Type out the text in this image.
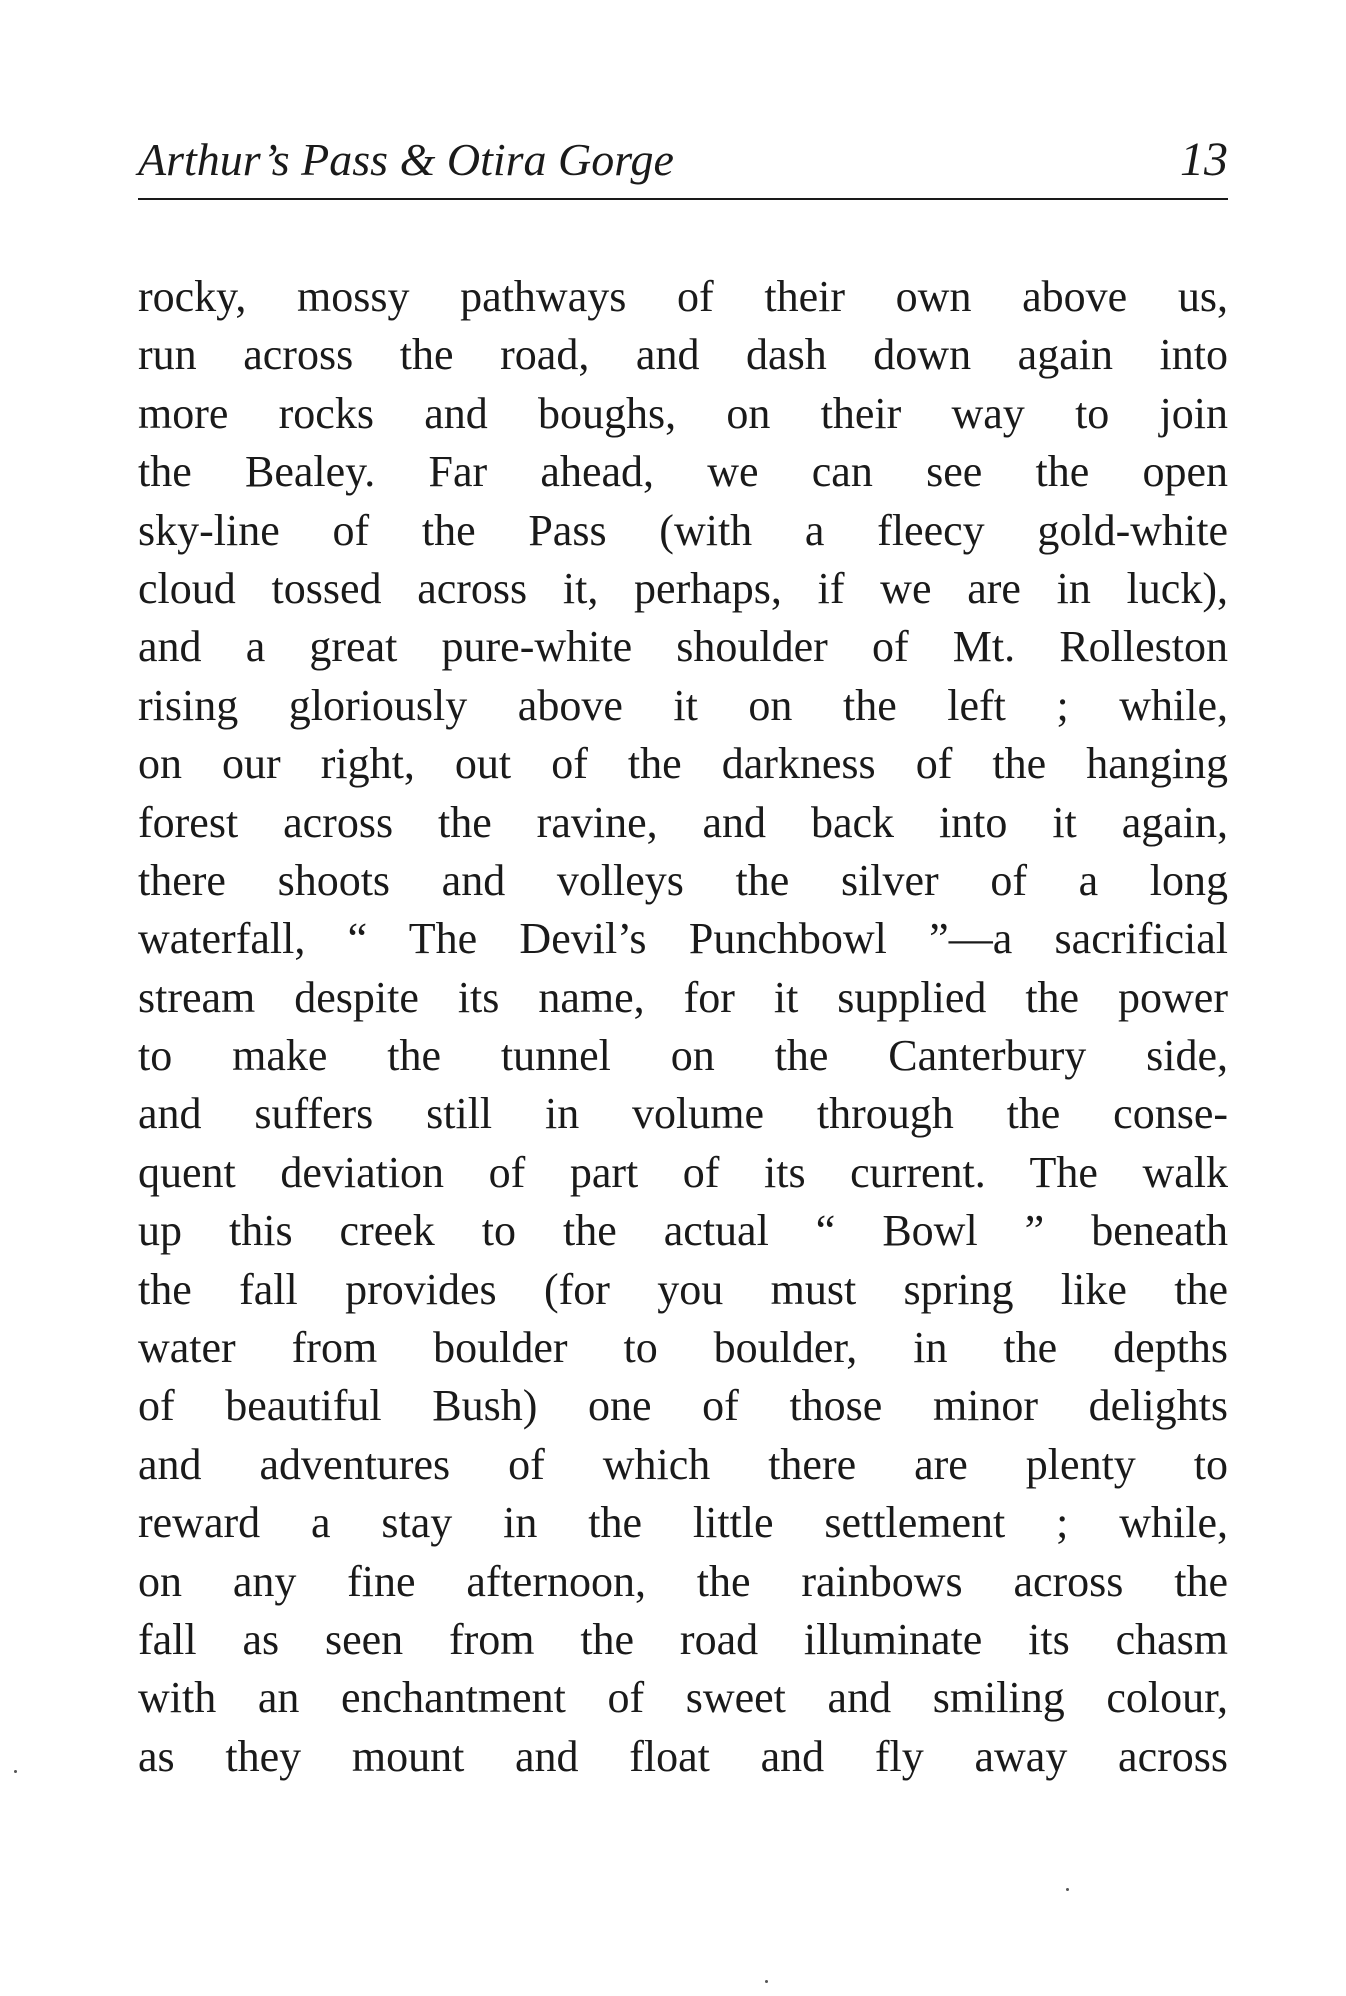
Arthur’s Pass & Otira Gorge	13
rocky, mossy pathways of their own above us,
run across the road, and dash down again into
more rocks and boughs, on their way to join
the Bealey. Far ahead, we can see the open
sky-line of the Pass (with a fleecy gold-white
cloud tossed across it, perhaps, if we are in luck),
and a great pure-white shoulder of Mt. Rolleston
rising gloriously above it on the left ; while,
on our right, out of the darkness of the hanging
forest across the ravine, and back into it again,
there shoots and volleys the silver of a long
waterfall, “ The Devil’s Punchbowl ”—a sacrificial
stream despite its name, for it supplied the power
to make the tunnel on the Canterbury side,
and suffers still in volume through the conse-
quent deviation of part of its current. The walk
up this creek to the actual “ Bowl ” beneath
the fall provides (for you must spring like the
water from boulder to boulder, in the depths
of beautiful Bush) one of those minor delights
and adventures of which there are plenty to
reward a stay in the little settlement ; while,
on any fine afternoon, the rainbows across the
fall as seen from the road illuminate its chasm
with an enchantment of sweet and smiling colour,
as they mount and float and fly away across
